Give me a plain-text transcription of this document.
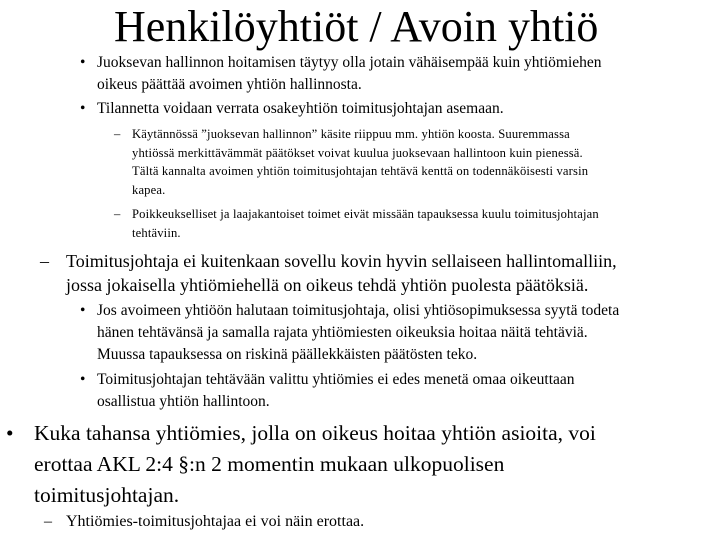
Henkilöyhtiöt / Avoin yhtiö
• Juoksevan hallinnon hoitamisen täytyy olla jotain vähäisempää kuin yhtiömiehen
oikeus päättää avoimen yhtiön hallinnosta.
• Tilannetta voidaan verrata osakeyhtiön toimitusjohtajan asemaan.
– Käytännössä ”juoksevan hallinnon” käsite riippuu mm. yhtiön koosta. Suuremmassa
yhtiössä merkittävämmät päätökset voivat kuulua juoksevaan hallintoon kuin pienessä.
Tältä kannalta avoimen yhtiön toimitusjohtajan tehtävä kenttä on todennäköisesti varsin
kapea.
– Poikkeukselliset ja laajakantoiset toimet eivät missään tapauksessa kuulu toimitusjohtajan
tehtäviin.
– Toimitusjohtaja ei kuitenkaan sovellu kovin hyvin sellaiseen hallintomalliin,
jossa jokaisella yhtiömiehellä on oikeus tehdä yhtiön puolesta päätöksiä.
• Jos avoimeen yhtiöön halutaan toimitusjohtaja, olisi yhtiösopimuksessa syytä todeta
hänen tehtävänsä ja samalla rajata yhtiömiesten oikeuksia hoitaa näitä tehtäviä.
Muussa tapauksessa on riskinä päällekkäisten päätösten teko.
• Toimitusjohtajan tehtävään valittu yhtiömies ei edes menetä omaa oikeuttaan
osallistua yhtiön hallintoon.
• Kuka tahansa yhtiömies, jolla on oikeus hoitaa yhtiön asioita, voi
erottaa AKL 2:4 §:n 2 momentin mukaan ulkopuolisen
toimitusjohtajan.
– Yhtiömies-toimitusjohtajaa ei voi näin erottaa.
